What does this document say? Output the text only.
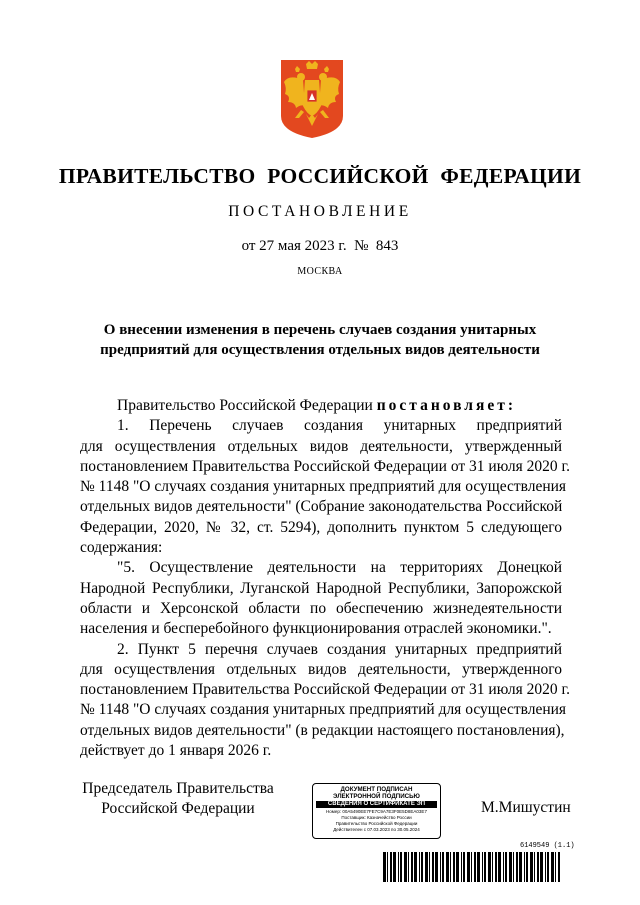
ПРАВИТЕЛЬСТВО РОССИЙСКОЙ ФЕДЕРАЦИИ
ПОСТАНОВЛЕНИЕ
от 27 мая 2023 г.  №  843
МОСКВА
О внесении изменения в перечень случаев создания унитарных
предприятий для осуществления отдельных видов деятельности
Правительство Российской Федерации постановляет:
1. Перечень случаев создания унитарных предприятий
для осуществления отдельных видов деятельности, утвержденный
постановлением Правительства Российской Федерации от 31 июля 2020 г.
№ 1148 "О случаях создания унитарных предприятий для осуществления
отдельных видов деятельности" (Собрание законодательства Российской
Федерации, 2020, № 32, ст. 5294), дополнить пунктом 5 следующего
содержания:
"5. Осуществление деятельности на территориях Донецкой
Народной Республики, Луганской Народной Республики, Запорожской
области и Херсонской области по обеспечению жизнедеятельности
населения и бесперебойного функционирования отраслей экономики.".
2. Пункт 5 перечня случаев создания унитарных предприятий
для осуществления отдельных видов деятельности, утвержденного
постановлением Правительства Российской Федерации от 31 июля 2020 г.
№ 1148 "О случаях создания унитарных предприятий для осуществления
отдельных видов деятельности" (в редакции настоящего постановления),
действует до 1 января 2026 г.
Председатель Правительства
Российской Федерации
ДОКУМЕНТ ПОДПИСАН
ЭЛЕКТРОННОЙ ПОДПИСЬЮ
СВЕДЕНИЯ О СЕРТИФИКАТЕ ЭП
Номер: 00A5490EE7FE7C9A7E3F0E5D8EA03E7
Поставщик: Казначейство России
Правительство Российской Федерации
Действителен с 07.03.2023 по 30.05.2024
М.Мишустин
6149549 (1.1)
